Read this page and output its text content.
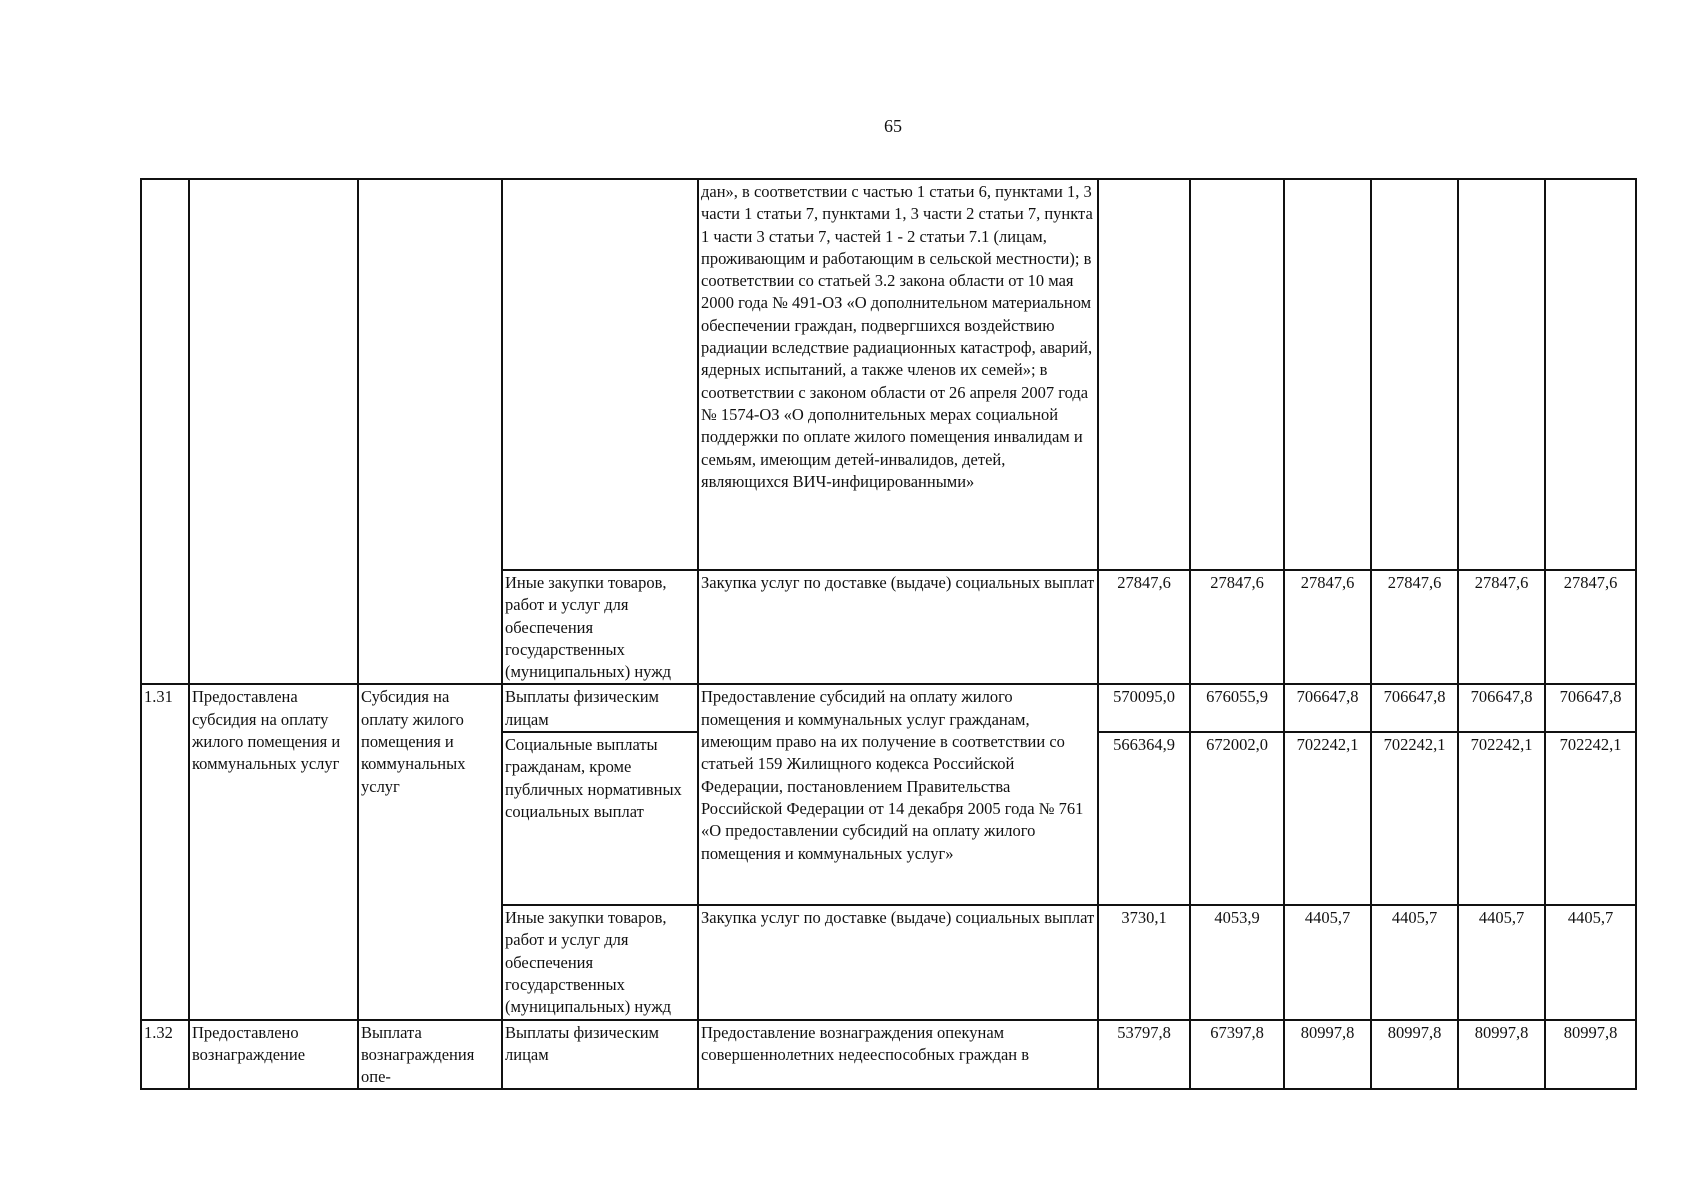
65
				дан», в соответствии с частью 1 статьи 6, пунктами 1, 3 части 1 статьи 7, пунктами 1, 3 части 2 статьи 7, пункта 1 части 3 статьи 7, частей 1 - 2 статьи 7.1 (лицам, проживающим и работающим в сельской местности); в соответствии со статьей 3.2 закона области от 10 мая 2000 года № 491-ОЗ «О дополнительном материальном обеспечении граждан, подвергшихся воздействию радиации вследствие радиационных катастроф, аварий, ядерных испытаний, а также членов их семей»; в соответствии с законом области от 26 апреля 2007 года № 1574-ОЗ «О дополнительных мерах социальной поддержки по оплате жилого помещения инвалидам и семьям, имеющим детей-инвалидов, детей, являющихся ВИЧ-инфицированными»						
			Иные закупки товаров, работ и услуг для обеспечения государственных (муниципальных) нужд	Закупка услуг по доставке (выдаче) социальных выплат	27847,6	27847,6	27847,6	27847,6	27847,6	27847,6
1.31	Предоставлена субсидия на оплату жилого помещения и коммунальных услуг	Субсидия на оплату жилого помещения и коммунальных услуг	Выплаты физическим лицам	Предоставление субсидий на оплату жилого помещения и коммунальных услуг гражданам, имеющим право на их получение в соответствии со статьей 159 Жилищного кодекса Российской Федерации, постановлением Правительства Российской Федерации от 14 декабря 2005 года № 761 «О предоставлении субсидий на оплату жилого помещения и коммунальных услуг»	570095,0	676055,9	706647,8	706647,8	706647,8	706647,8
			Социальные выплаты гражданам, кроме публичных нормативных социальных выплат		566364,9	672002,0	702242,1	702242,1	702242,1	702242,1

			Иные закупки товаров, работ и услуг для обеспечения государственных (муниципальных) нужд	Закупка услуг по доставке (выдаче) социальных выплат	3730,1	4053,9	4405,7	4405,7	4405,7	4405,7
1.32	Предоставлено вознаграждение	Выплата вознаграждения опе-	Выплаты физическим лицам	Предоставление вознаграждения опекунам совершеннолетних недееспособных граждан в	53797,8	67397,8	80997,8	80997,8	80997,8	80997,8
